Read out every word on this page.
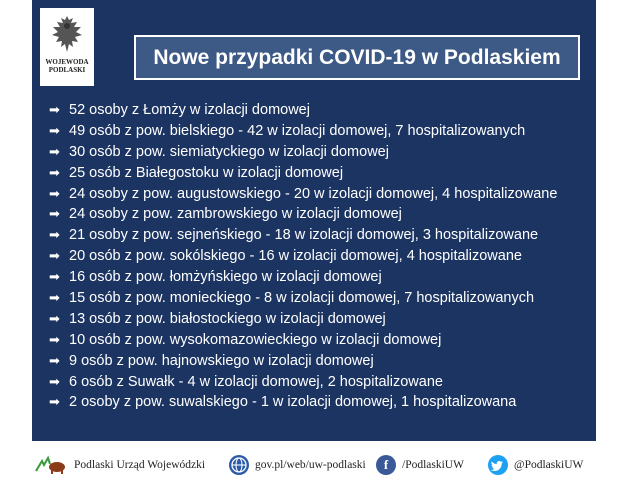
WOJEWODA
PODLASKI
Nowe przypadki COVID-19 w Podlaskiem
➡ 52 osoby z Łomży w izolacji domowej
➡ 49 osób z pow. bielskiego - 42 w izolacji domowej, 7 hospitalizowanych
➡ 30 osób z pow. siemiatyckiego w izolacji domowej
➡ 25 osób z Białegostoku w izolacji domowej
➡ 24 osoby z pow. augustowskiego - 20 w izolacji domowej, 4 hospitalizowane
➡ 24 osoby z pow. zambrowskiego w izolacji domowej
➡ 21 osoby z pow. sejneńskiego - 18 w izolacji domowej, 3 hospitalizowane
➡ 20 osób z pow. sokólskiego - 16 w izolacji domowej, 4 hospitalizowane
➡ 16 osób z pow. łomżyńskiego w izolacji domowej
➡ 15 osób z pow. monieckiego - 8 w izolacji domowej, 7 hospitalizowanych
➡ 13 osób z pow. białostockiego w izolacji domowej
➡ 10 osób z pow. wysokomazowieckiego w izolacji domowej
➡ 9 osób z pow. hajnowskiego w izolacji domowej
➡ 6 osób z Suwałk - 4 w izolacji domowej, 2 hospitalizowane
➡ 2 osoby z pow. suwalskiego - 1 w izolacji domowej, 1 hospitalizowana
Podlaski Urząd Wojewódzki	gov.pl/web/uw-podlaski	f	/PodlaskiUW	@PodlaskiUW
